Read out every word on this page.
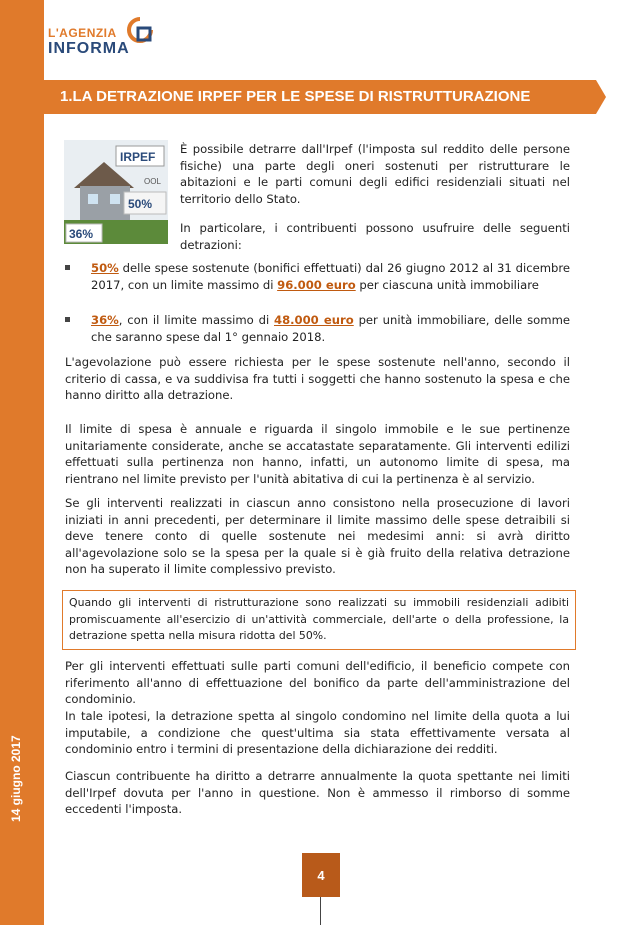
14 giugno 2017
L'AGENZIA
INFORMA
1.LA DETRAZIONE IRPEF PER LE SPESE DI RISTRUTTURAZIONE
IRPEF
50%
OOL
36%

È possibile detrarre dall'Irpef (l'imposta sul reddito delle persone fisiche) una parte degli oneri sostenuti per ristrutturare le abitazioni e le parti comuni degli edifici residenziali situati nel territorio dello Stato.

In particolare, i contribuenti possono usufruire delle seguenti detrazioni:

50% delle spese sostenute (bonifici effettuati) dal 26 giugno 2012 al 31 dicembre 2017, con un limite massimo di 96.000 euro per ciascuna unità immobiliare
36%, con il limite massimo di 48.000 euro per unità immobiliare, delle somme che saranno spese dal 1° gennaio 2018.

L'agevolazione può essere richiesta per le spese sostenute nell'anno, secondo il criterio di cassa, e va suddivisa fra tutti i soggetti che hanno sostenuto la spesa e che hanno diritto alla detrazione.

Il limite di spesa è annuale e riguarda il singolo immobile e le sue pertinenze unitariamente considerate, anche se accatastate separatamente. Gli interventi edilizi effettuati sulla pertinenza non hanno, infatti, un autonomo limite di spesa, ma rientrano nel limite previsto per l'unità abitativa di cui la pertinenza è al servizio.

Se gli interventi realizzati in ciascun anno consistono nella prosecuzione di lavori iniziati in anni precedenti, per determinare il limite massimo delle spese detraibili si deve tenere conto di quelle sostenute nei medesimi anni: si avrà diritto all'agevolazione solo se la spesa per la quale si è già fruito della relativa detrazione non ha superato il limite complessivo previsto.

Quando gli interventi di ristrutturazione sono realizzati su immobili residenziali adibiti promiscuamente all'esercizio di un'attività commerciale, dell'arte o della professione, la detrazione spetta nella misura ridotta del 50%.

Per gli interventi effettuati sulle parti comuni dell'edificio, il beneficio compete con riferimento all'anno di effettuazione del bonifico da parte dell'amministrazione del condominio.

In tale ipotesi, la detrazione spetta al singolo condomino nel limite della quota a lui imputabile, a condizione che quest'ultima sia stata effettivamente versata al condominio entro i termini di presentazione della dichiarazione dei redditi.

Ciascun contribuente ha diritto a detrarre annualmente la quota spettante nei limiti dell'Irpef dovuta per l'anno in questione. Non è ammesso il rimborso di somme eccedenti l'imposta.

4
